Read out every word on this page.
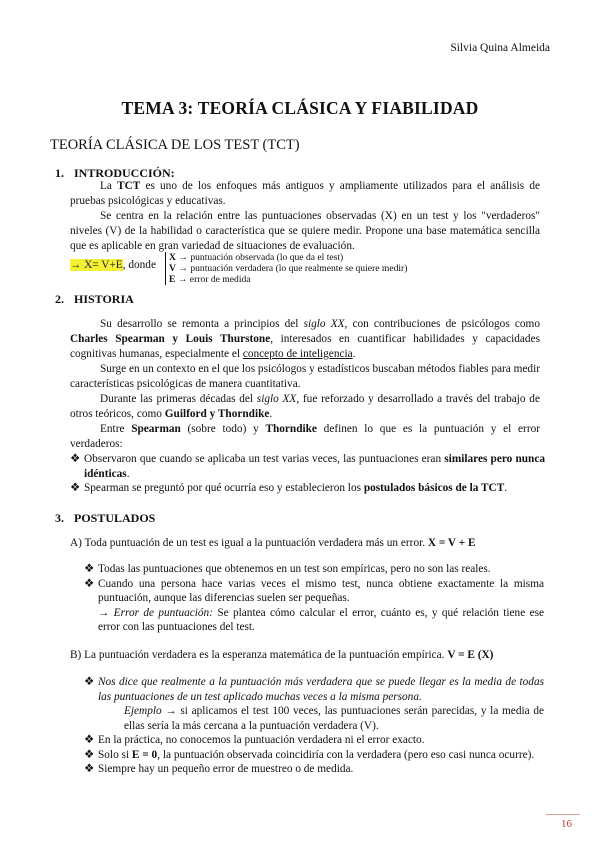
Silvia Quina Almeida
TEMA 3: TEORÍA CLÁSICA Y FIABILIDAD
TEORÍA CLÁSICA DE LOS TEST (TCT)
1. INTRODUCCIÓN:
La TCT es uno de los enfoques más antiguos y ampliamente utilizados para el análisis de pruebas psicológicas y educativas.
Se centra en la relación entre las puntuaciones observadas (X) en un test y los "verdaderos" niveles (V) de la habilidad o característica que se quiere medir. Propone una base matemática sencilla que es aplicable en gran variedad de situaciones de evaluación.
→ X= V+E, donde
X → puntuación observada (lo que da el test)
V → puntuación verdadera (lo que realmente se quiere medir)
E → error de medida
2. HISTORIA
Su desarrollo se remonta a principios del siglo XX, con contribuciones de psicólogos como Charles Spearman y Louis Thurstone, interesados en cuantificar habilidades y capacidades cognitivas humanas, especialmente el concepto de inteligencia.
Surge en un contexto en el que los psicólogos y estadísticos buscaban métodos fiables para medir características psicológicas de manera cuantitativa.
Durante las primeras décadas del siglo XX, fue reforzado y desarrollado a través del trabajo de otros teóricos, como Guilford y Thorndike.
Entre Spearman (sobre todo) y Thorndike definen lo que es la puntuación y el error verdaderos:
❖ Observaron que cuando se aplicaba un test varias veces, las puntuaciones eran similares pero nunca idénticas.
❖ Spearman se preguntó por qué ocurría eso y establecieron los postulados básicos de la TCT.
3. POSTULADOS
A) Toda puntuación de un test es igual a la puntuación verdadera más un error. X = V + E
❖ Todas las puntuaciones que obtenemos en un test son empíricas, pero no son las reales.
❖ Cuando una persona hace varias veces el mismo test, nunca obtiene exactamente la misma puntuación, aunque las diferencias suelen ser pequeñas.
→ Error de puntuación: Se plantea cómo calcular el error, cuánto es, y qué relación tiene ese error con las puntuaciones del test.
B) La puntuación verdadera es la esperanza matemática de la puntuación empírica. V = E (X)
❖ Nos dice que realmente a la puntuación más verdadera que se puede llegar es la media de todas las puntuaciones de un test aplicado muchas veces a la misma persona.
Ejemplo → si aplicamos el test 100 veces, las puntuaciones serán parecidas, y la media de ellas sería la más cercana a la puntuación verdadera (V).
❖ En la práctica, no conocemos la puntuación verdadera ni el error exacto.
❖ Solo si E = 0, la puntuación observada coincidiría con la verdadera (pero eso casi nunca ocurre).
❖ Siempre hay un pequeño error de muestreo o de medida.
16
